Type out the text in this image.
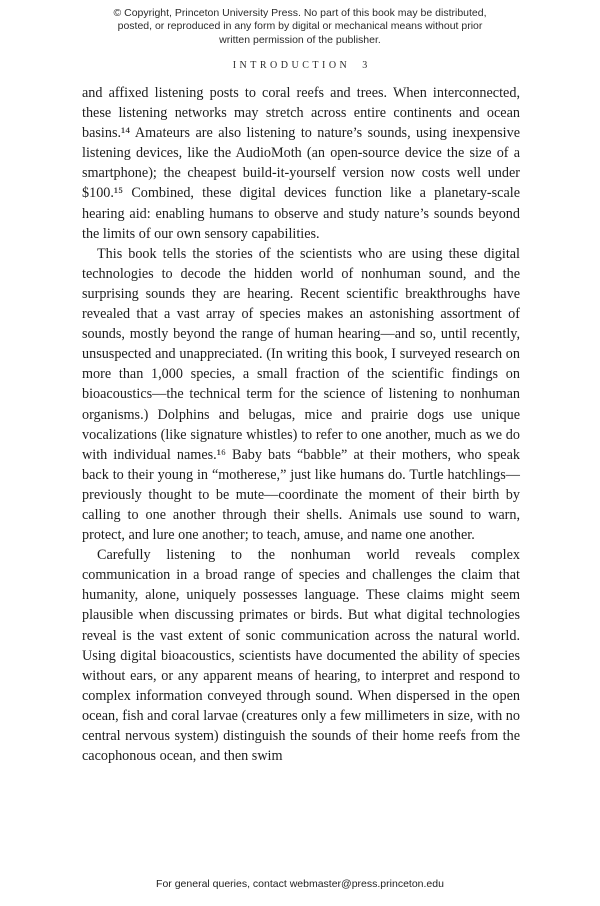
© Copyright, Princeton University Press. No part of this book may be distributed, posted, or reproduced in any form by digital or mechanical means without prior written permission of the publisher.
INTRODUCTION 3

and affixed listening posts to coral reefs and trees. When interconnected, these listening networks may stretch across entire continents and ocean basins.¹⁴ Amateurs are also listening to nature’s sounds, using inexpensive listening devices, like the AudioMoth (an open-source device the size of a smartphone); the cheapest build-it-yourself version now costs well under $100.¹⁵ Combined, these digital devices function like a planetary-scale hearing aid: enabling humans to observe and study nature’s sounds beyond the limits of our own sensory capabilities.

This book tells the stories of the scientists who are using these digital technologies to decode the hidden world of nonhuman sound, and the surprising sounds they are hearing. Recent scientific breakthroughs have revealed that a vast array of species makes an astonishing assortment of sounds, mostly beyond the range of human hearing—and so, until recently, unsuspected and unappreciated. (In writing this book, I surveyed research on more than 1,000 species, a small fraction of the scientific findings on bioacoustics—the technical term for the science of listening to nonhuman organisms.) Dolphins and belugas, mice and prairie dogs use unique vocalizations (like signature whistles) to refer to one another, much as we do with individual names.¹⁶ Baby bats “babble” at their mothers, who speak back to their young in “motherese,” just like humans do. Turtle hatchlings—previously thought to be mute—coordinate the moment of their birth by calling to one another through their shells. Animals use sound to warn, protect, and lure one another; to teach, amuse, and name one another.

Carefully listening to the nonhuman world reveals complex communication in a broad range of species and challenges the claim that humanity, alone, uniquely possesses language. These claims might seem plausible when discussing primates or birds. But what digital technologies reveal is the vast extent of sonic communication across the natural world. Using digital bioacoustics, scientists have documented the ability of species without ears, or any apparent means of hearing, to interpret and respond to complex information conveyed through sound. When dispersed in the open ocean, fish and coral larvae (creatures only a few millimeters in size, with no central nervous system) distinguish the sounds of their home reefs from the cacophonous ocean, and then swim

For general queries, contact webmaster@press.princeton.edu
